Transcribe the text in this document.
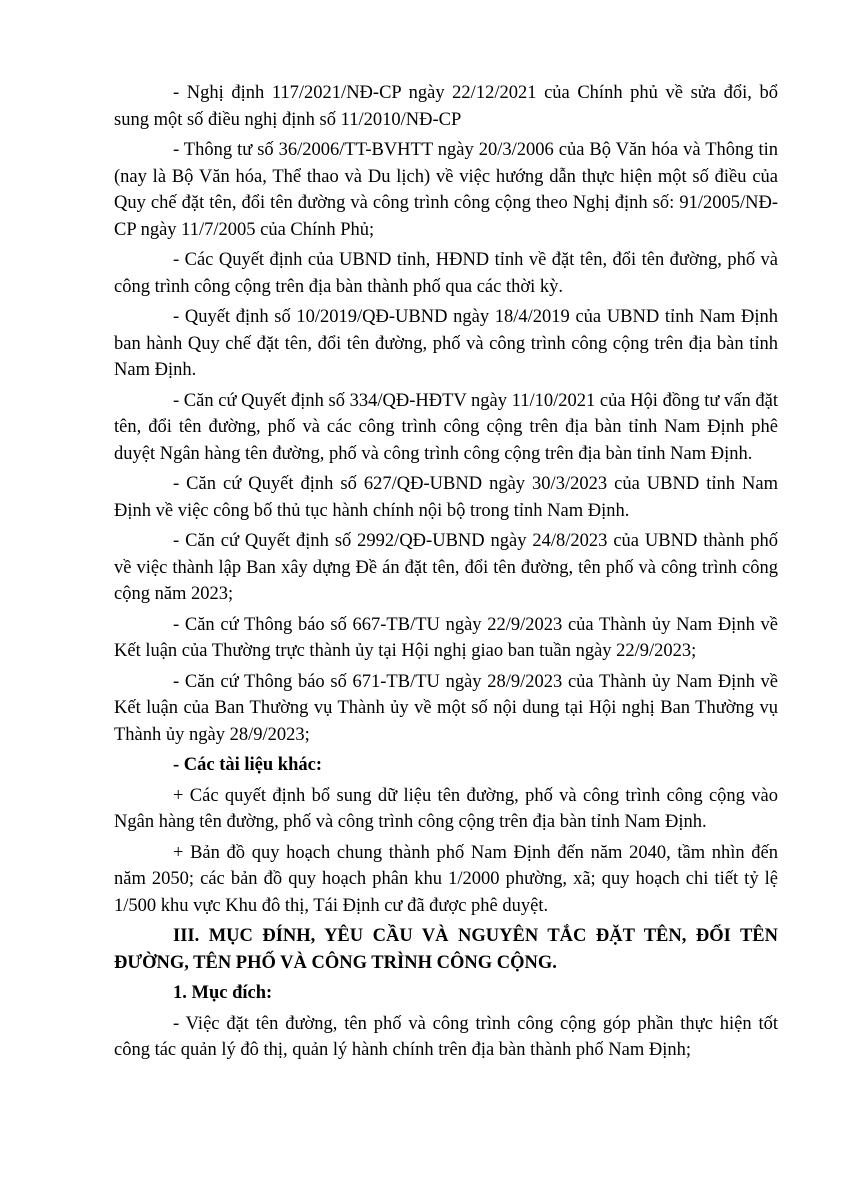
- Nghị định 117/2021/NĐ-CP ngày 22/12/2021 của Chính phủ về sửa đổi, bổ sung một số điều nghị định số 11/2010/NĐ-CP

- Thông tư số 36/2006/TT-BVHTT ngày 20/3/2006 của Bộ Văn hóa và Thông tin (nay là Bộ Văn hóa, Thể thao và Du lịch) về việc hướng dẫn thực hiện một số điều của Quy chế đặt tên, đổi tên đường và công trình công cộng theo Nghị định số: 91/2005/NĐ-CP ngày 11/7/2005 của Chính Phủ;

- Các Quyết định của UBND tỉnh, HĐND tỉnh về đặt tên, đổi tên đường, phố và công trình công cộng trên địa bàn thành phố qua các thời kỳ.

- Quyết định số 10/2019/QĐ-UBND ngày 18/4/2019 của UBND tỉnh Nam Định ban hành Quy chế đặt tên, đổi tên đường, phố và công trình công cộng trên địa bàn tỉnh Nam Định.

- Căn cứ Quyết định số 334/QĐ-HĐTV ngày 11/10/2021 của Hội đồng tư vấn đặt tên, đổi tên đường, phố và các công trình công cộng trên địa bàn tỉnh Nam Định phê duyệt Ngân hàng tên đường, phố và công trình công cộng trên địa bàn tỉnh Nam Định.

- Căn cứ Quyết định số 627/QĐ-UBND ngày 30/3/2023 của UBND tỉnh Nam Định về việc công bố thủ tục hành chính nội bộ trong tỉnh Nam Định.

- Căn cứ Quyết định số 2992/QĐ-UBND ngày 24/8/2023 của UBND thành phố về việc thành lập Ban xây dựng Đề án đặt tên, đổi tên đường, tên phố và công trình công cộng năm 2023;

- Căn cứ Thông báo số 667-TB/TU ngày 22/9/2023 của Thành ủy Nam Định về Kết luận của Thường trực thành ủy tại Hội nghị giao ban tuần ngày 22/9/2023;

- Căn cứ Thông báo số 671-TB/TU ngày 28/9/2023 của Thành ủy Nam Định về Kết luận của Ban Thường vụ Thành ủy về một số nội dung tại Hội nghị Ban Thường vụ Thành ủy ngày 28/9/2023;

- Các tài liệu khác:

+ Các quyết định bổ sung dữ liệu tên đường, phố và công trình công cộng vào Ngân hàng tên đường, phố và công trình công cộng trên địa bàn tỉnh Nam Định.

+ Bản đồ quy hoạch chung thành phố Nam Định đến năm 2040, tầm nhìn đến năm 2050; các bản đồ quy hoạch phân khu 1/2000 phường, xã; quy hoạch chi tiết tỷ lệ 1/500 khu vực Khu đô thị, Tái Định cư đã được phê duyệt.

III. MỤC ĐÍNH, YÊU CẦU VÀ NGUYÊN TẮC ĐẶT TÊN, ĐỔI TÊN ĐƯỜNG, TÊN PHỐ VÀ CÔNG TRÌNH CÔNG CỘNG.

1. Mục đích:

- Việc đặt tên đường, tên phố và công trình công cộng góp phần thực hiện tốt công tác quản lý đô thị, quản lý hành chính trên địa bàn thành phố Nam Định;
